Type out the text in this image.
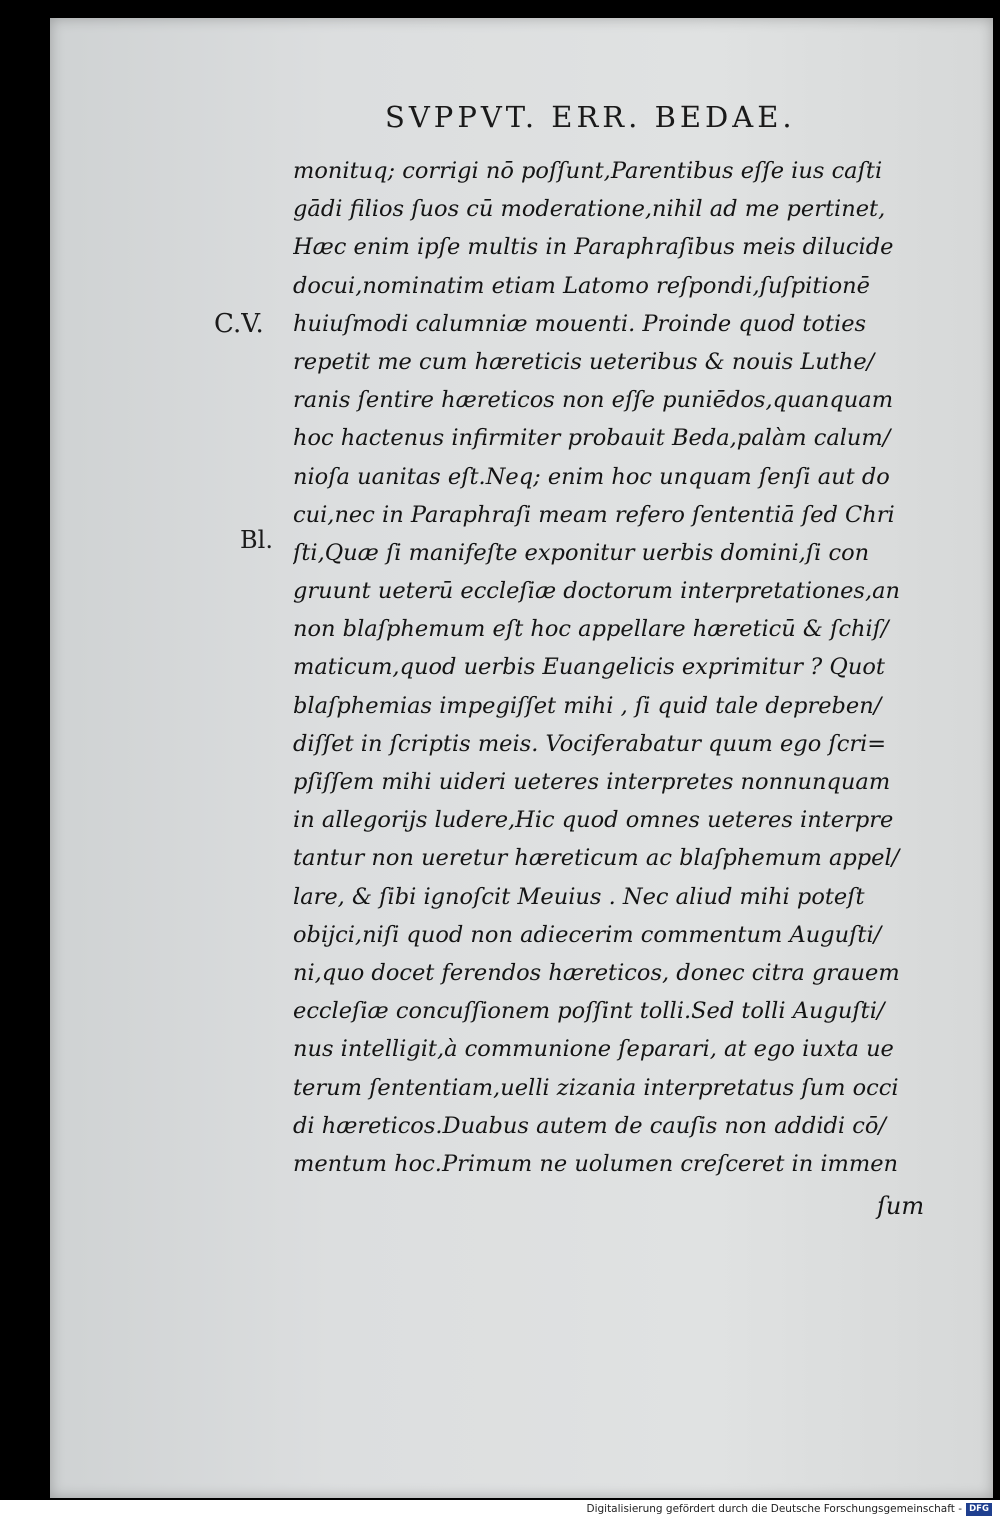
SVPPVT. ERR. BEDAE.
C.V.
Bl.
monituq; corrigi nō poſſunt,Parentibus eſſe ius caſti
gādi filios ſuos cū moderatione,nihil ad me pertinet,
Hæc enim ipſe multis in Paraphraſibus meis dilucide
docui,nominatim etiam Latomo reſpondi,ſuſpitionē
huiuſmodi calumniæ mouenti. Proinde quod toties
repetit me cum hæreticis ueteribus & nouis Luthe/
ranis ſentire hæreticos non eſſe puniēdos,quanquam
hoc hactenus infirmiter probauit Beda,palàm calum/
nioſa uanitas eſt.Neq; enim hoc unquam ſenſi aut do
cui,nec in Paraphraſi meam refero ſententiā ſed Chri
ſti,Quæ ſi manifeſte exponitur uerbis domini,ſi con
gruunt ueterū eccleſiæ doctorum interpretationes,an
non blaſphemum eſt hoc appellare hæreticū & ſchiſ/
maticum,quod uerbis Euangelicis exprimitur ? Quot
blaſphemias impegiſſet mihi , ſi quid tale depreben/
diſſet in ſcriptis meis. Vociferabatur quum ego ſcri=
pſiſſem mihi uideri ueteres interpretes nonnunquam
in allegorijs ludere,Hic quod omnes ueteres interpre
tantur non ueretur hæreticum ac blaſphemum appel/
lare, & ſibi ignoſcit Meuius . Nec aliud mihi poteſt
obijci,niſi quod non adiecerim commentum Auguſti/
ni,quo docet ferendos hæreticos, donec citra grauem
eccleſiæ concuſſionem poſſint tolli.Sed tolli Auguſti/
nus intelligit,à communione ſeparari, at ego iuxta ue
terum ſententiam,uelli zizania interpretatus ſum occi
di hæreticos.Duabus autem de cauſis non addidi cō/
mentum hoc.Primum ne uolumen creſceret in immen
ſum
Digitalisierung gefördert durch die Deutsche Forschungsgemeinschaft - DFG
